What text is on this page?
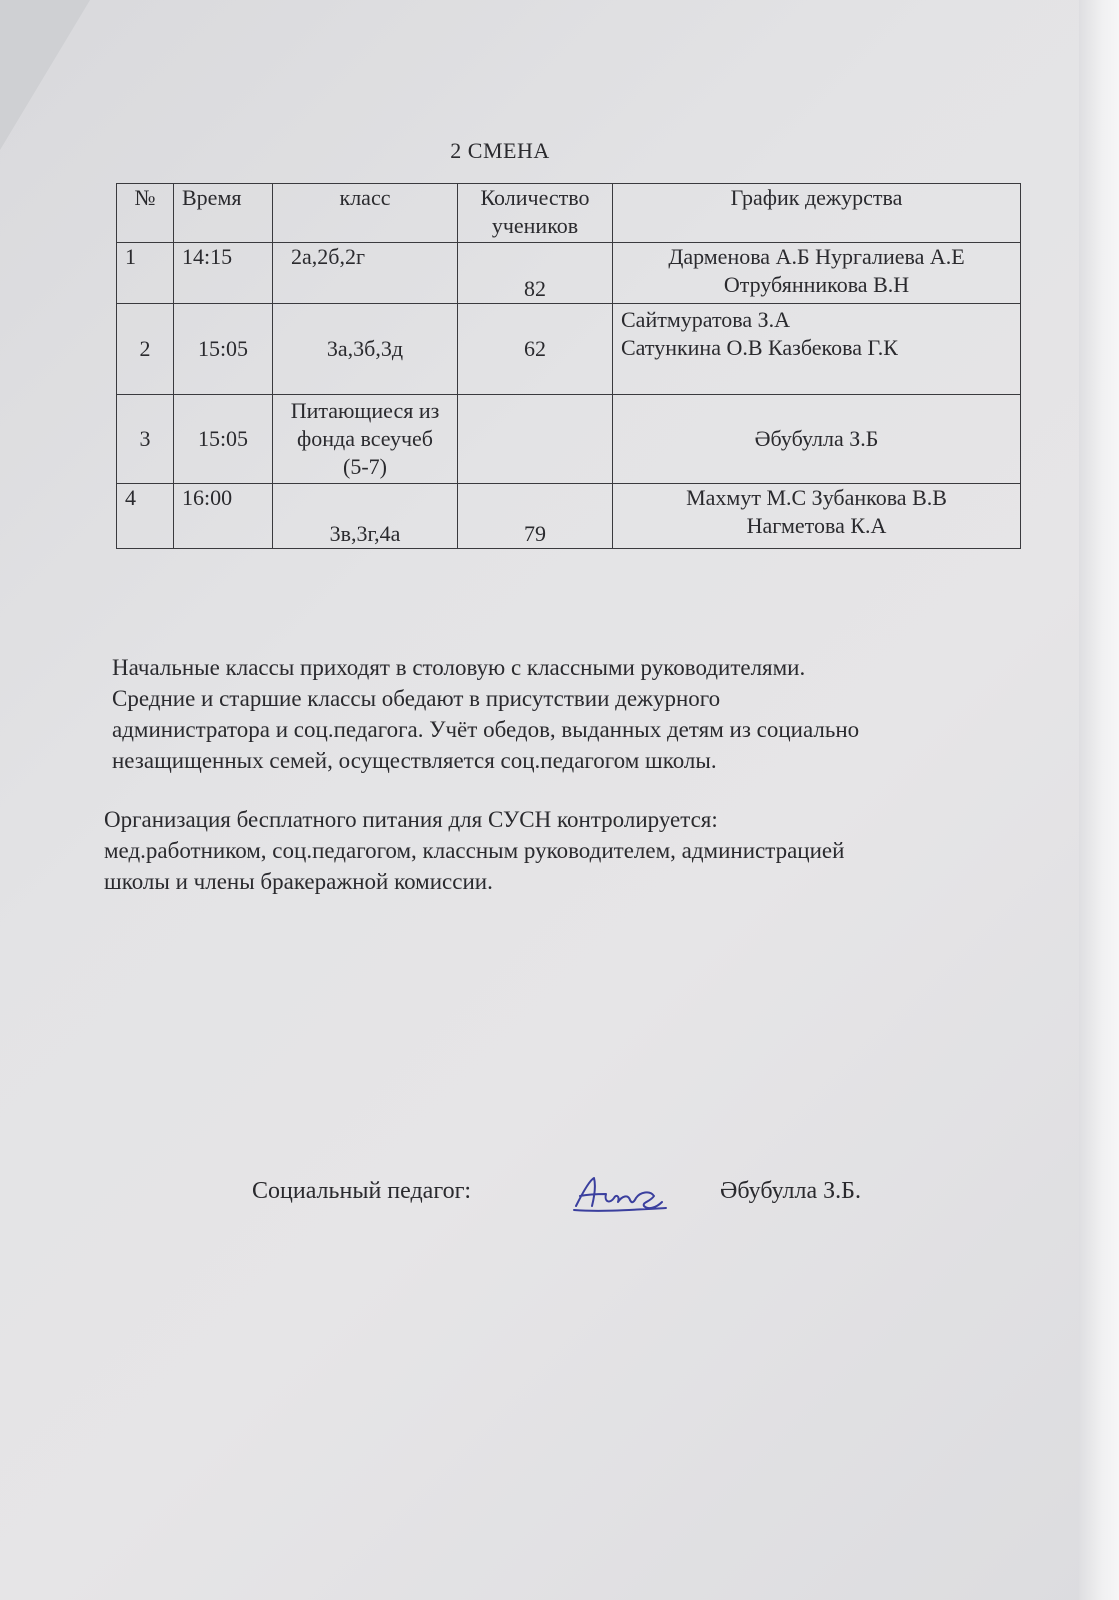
2 СМЕНА
№	Время	класс	Количество учеников	График дежурства
1	14:15	2а,2б,2г	82	Дарменова А.Б Нургалиева А.Е
Отрубянникова В.Н

2	15:05	3а,3б,3д	62	Сайтмуратова З.А
Сатункина О.В Казбекова Г.К

3	15:05	Питающиеся из фонда всеучеб (5-7)		Әбубулла З.Б

4	16:00	3в,3г,4а	79	Махмут М.С Зубанкова В.В
Нагметова К.А
Начальные классы приходят в столовую с классными руководителями.
Средние и старшие классы обедают в присутствии дежурного
администратора и соц.педагога. Учёт обедов, выданных детям из социально
незащищенных семей, осуществляется соц.педагогом школы.
Организация бесплатного питания для СУСН контролируется:
мед.работником, соц.педагогом, классным руководителем, администрацией
школы и члены бракеражной комиссии.
Социальный педагог:	Әбубулла З.Б.
